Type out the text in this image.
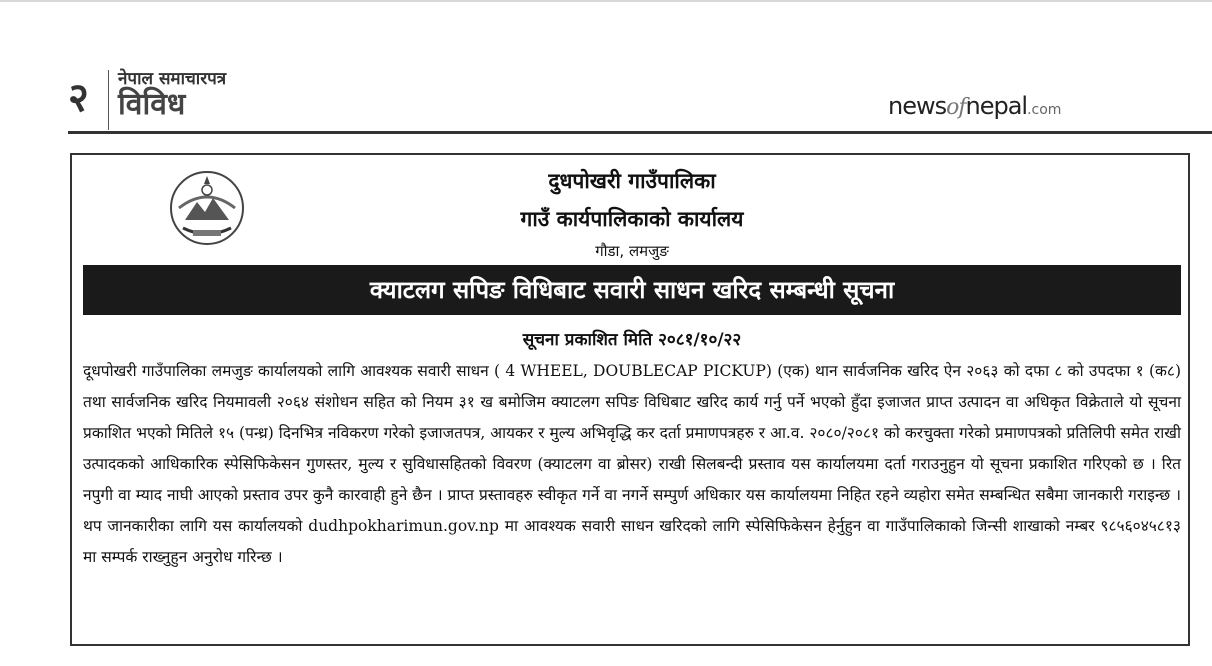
२ नेपाल समाचारपत्र
विविध	newsofnepal.com
दुधपोखरी गाउँपालिका
गाउँ कार्यपालिकाको कार्यालय
गौडा, लमजुङ
क्याटलग सपिङ विधिबाट सवारी साधन खरिद सम्बन्धी सूचना
सूचना प्रकाशित मिति २०८१/१०/२२

दूधपोखरी गाउँपालिका लमजुङ कार्यालयको लागि आवश्यक सवारी साधन ( 4 WHEEL, DOUBLECAP PICKUP) (एक) थान सार्वजनिक खरिद ऐन २०६३ को दफा ८ को उपदफा १ (क८) तथा सार्वजनिक खरिद नियमावली २०६४ संशोधन सहित को नियम ३१ ख बमोजिम क्याटलग सपिङ विधिबाट खरिद कार्य गर्नु पर्ने भएको हुँदा इजाजत प्राप्त उत्पादन वा अधिकृत विक्रेताले यो सूचना प्रकाशित भएको मितिले १५ (पन्ध्र) दिनभित्र नविकरण गरेको इजाजतपत्र, आयकर र मुल्य अभिवृद्धि कर दर्ता प्रमाणपत्रहरु र आ.व. २०८०/२०८१ को करचुक्ता गरेको प्रमाणपत्रको प्रतिलिपी समेत राखी उत्पादकको आधिकारिक स्पेसिफिकेसन गुणस्तर, मुल्य र सुविधासहितको विवरण (क्याटलग वा ब्रोसर) राखी सिलबन्दी प्रस्ताव यस कार्यालयमा दर्ता गराउनुहुन यो सूचना प्रकाशित गरिएको छ । रित नपुगी वा म्याद नाघी आएको प्रस्ताव उपर कुनै कारवाही हुने छैन । प्राप्त प्रस्तावहरु स्वीकृत गर्ने वा नगर्ने सम्पुर्ण अधिकार यस कार्यालयमा निहित रहने व्यहोरा समेत सम्बन्धित सबैमा जानकारी गराइन्छ । थप जानकारीका लागि यस कार्यालयको dudhpokharimun.gov.np मा आवश्यक सवारी साधन खरिदको लागि स्पेसिफिकेसन हेर्नुहुन वा गाउँपालिकाको जिन्सी शाखाको नम्बर ९८५६०४५८१३ मा सम्पर्क राख्नुहुन अनुरोध गरिन्छ ।
